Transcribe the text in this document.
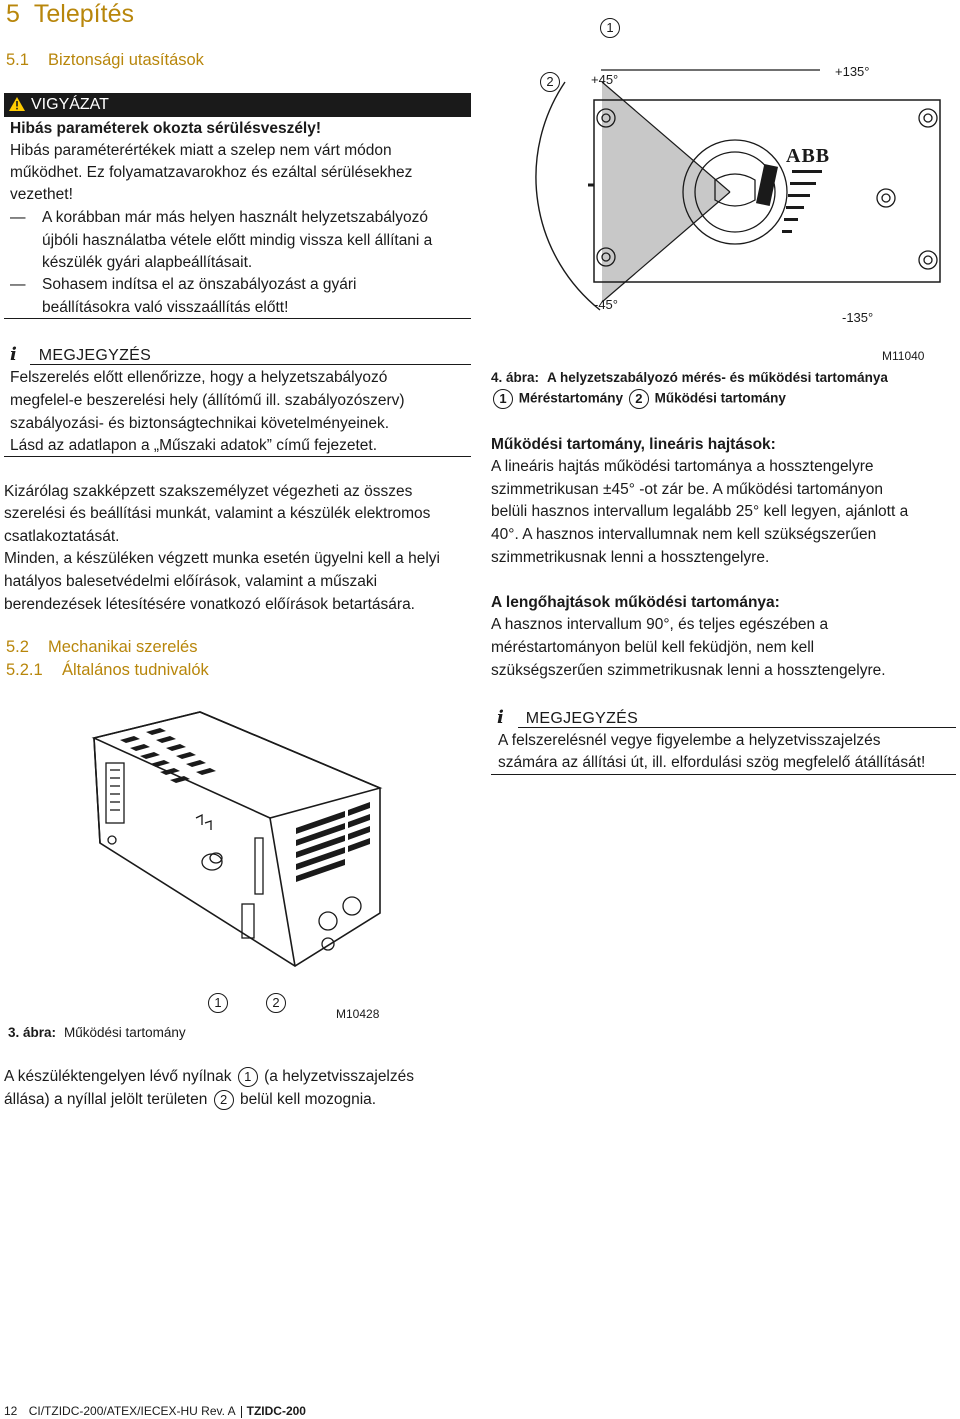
5 Telepítés
5.1 Biztonsági utasítások
VIGYÁZAT
Hibás paraméterek okozta sérülésveszély!
Hibás paraméterértékek miatt a szelep nem várt módon
működhet. Ez folyamatzavarokhoz és ezáltal sérülésekhez
vezethet!
—	A korábban már más helyen használt helyzetszabályozó
újbóli használatba vétele előtt mindig vissza kell állítani a
készülék gyári alapbeállításait.
—	Sohasem indítsa el az önszabályozást a gyári
beállításokra való visszaállítás előtt!
i MEGJEGYZÉS
Felszerelés előtt ellenőrizze, hogy a helyzetszabályozó
megfelel-e beszerelési hely (állítómű ill. szabályozószerv)
szabályozási- és biztonságtechnikai követelményeinek.
Lásd az adatlapon a „Műszaki adatok” című fejezetet.
Kizárólag szakképzett szakszemélyzet végezheti az összes
szerelési és beállítási munkát, valamint a készülék elektromos
csatlakoztatását.
Minden, a készüléken végzett munka esetén ügyelni kell a helyi
hatályos balesetvédelmi előírások, valamint a műszaki
berendezések létesítésére vonatkozó előírások betartására.
5.2 Mechanikai szerelés
5.2.1 Általános tudnivalók
1	2
M10428
3. ábra: Működési tartomány
A készüléktengelyen lévő nyílnak 1 (a helyzetvisszajelzés
állása) a nyíllal jelölt területen 2 belül kell mozognia.
ABB
1
2	+45°
+135°
-45°
-135°
M11040
4. ábra: A helyzetszabályozó mérés- és működési tartománya
1 Méréstartomány 2 Működési tartomány
Működési tartomány, lineáris hajtások:
A lineáris hajtás működési tartománya a hossztengelyre
szimmetrikusan ±45° -ot zár be. A működési tartományon
belüli hasznos intervallum legalább 25° kell legyen, ajánlott a
40°. A hasznos intervallumnak nem kell szükségszerűen
szimmetrikusnak lenni a hossztengelyre.
A lengőhajtások működési tartománya:
A hasznos intervallum 90°, és teljes egészében a
méréstartományon belül kell feküdjön, nem kell
szükségszerűen szimmetrikusnak lenni a hossztengelyre.
i MEGJEGYZÉS
A felszerelésnél vegye figyelembe a helyzetvisszajelzés
számára az állítási út, ill. elfordulási szög megfelelő átállítását!
12 CI/TZIDC-200/ATEX/IECEX-HU Rev. A TZIDC-200
